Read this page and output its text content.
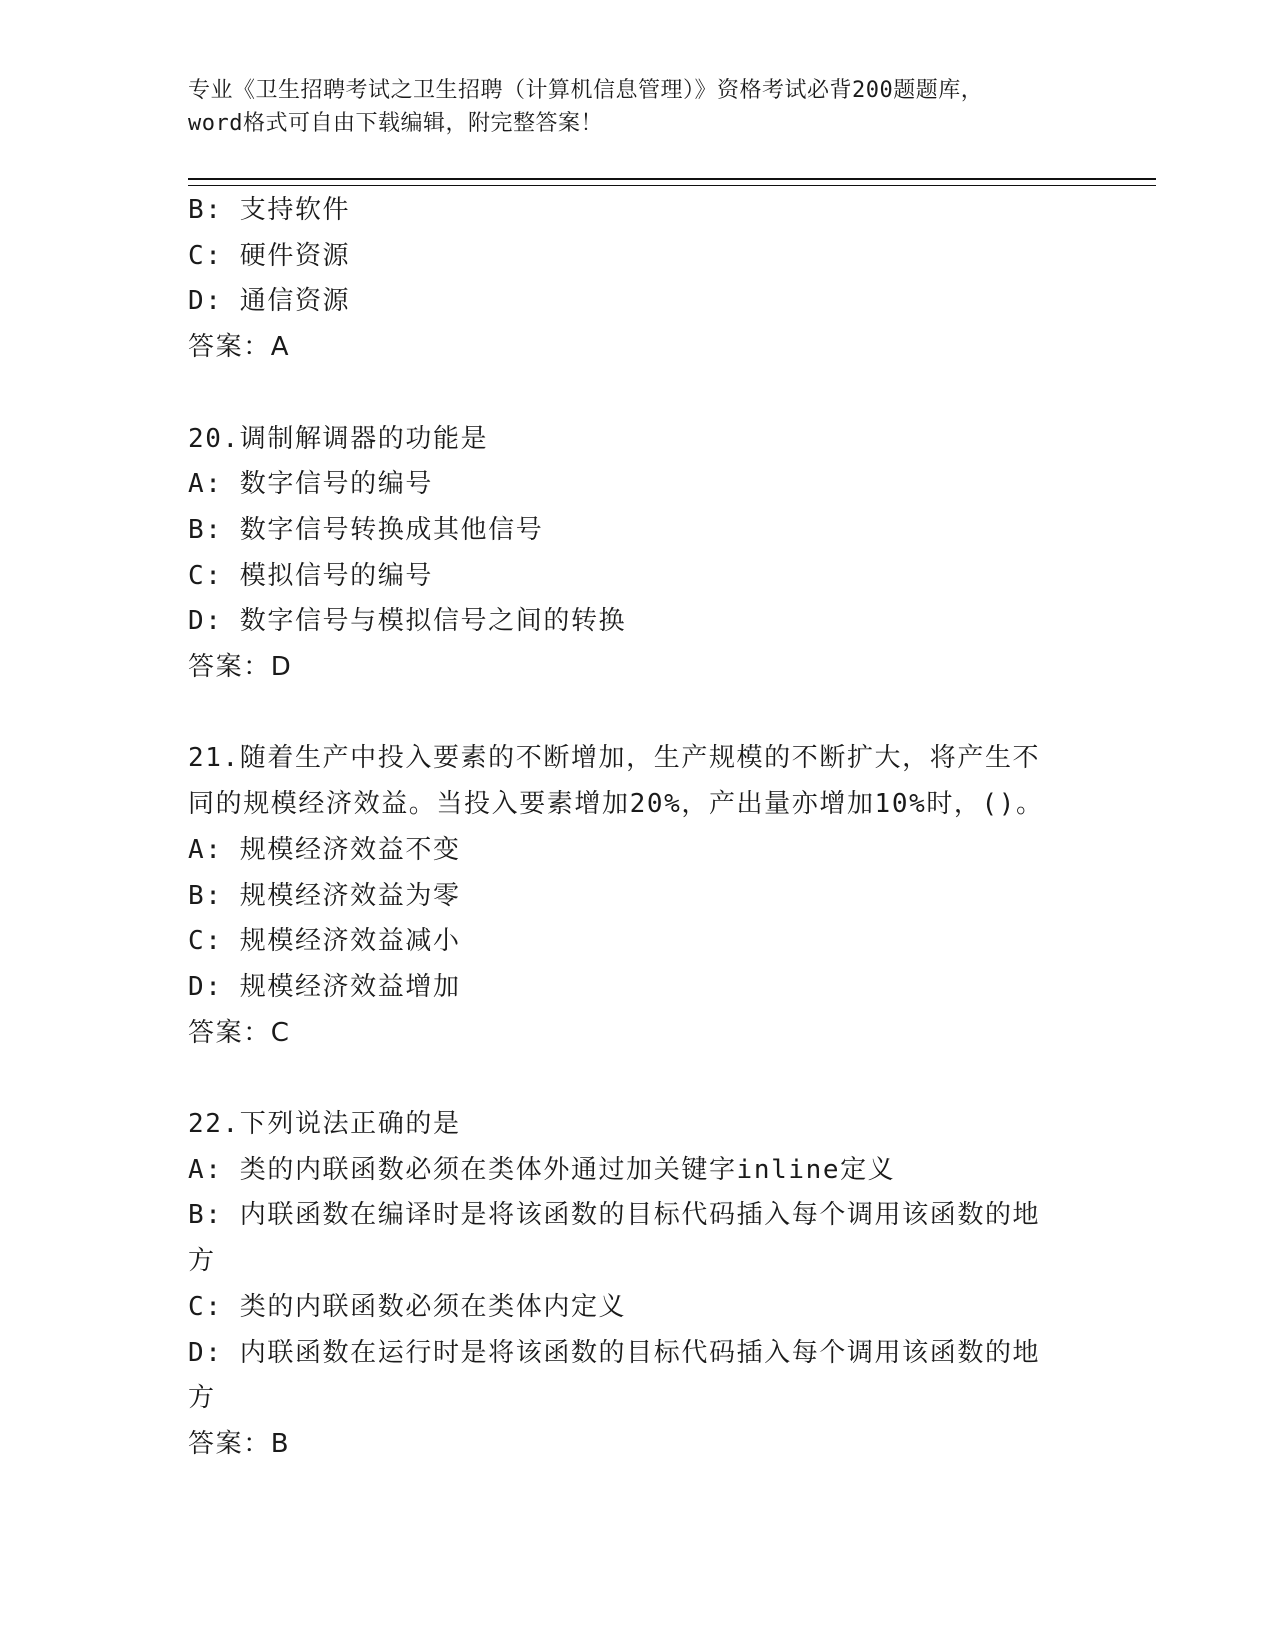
专业《卫生招聘考试之卫生招聘（计算机信息管理）》资格考试必背200题题库，
word格式可自由下载编辑，附完整答案！
B: 支持软件
C: 硬件资源
D: 通信资源
答案：A
20.调制解调器的功能是
A: 数字信号的编号
B: 数字信号转换成其他信号
C: 模拟信号的编号
D: 数字信号与模拟信号之间的转换
答案：D
21.随着生产中投入要素的不断增加，生产规模的不断扩大，将产生不
同的规模经济效益。当投入要素增加20%，产出量亦增加10%时，()。
A: 规模经济效益不变
B: 规模经济效益为零
C: 规模经济效益减小
D: 规模经济效益增加
答案：C
22.下列说法正确的是
A: 类的内联函数必须在类体外通过加关键字inline定义
B: 内联函数在编译时是将该函数的目标代码插入每个调用该函数的地
方
C: 类的内联函数必须在类体内定义
D: 内联函数在运行时是将该函数的目标代码插入每个调用该函数的地
方
答案：B
